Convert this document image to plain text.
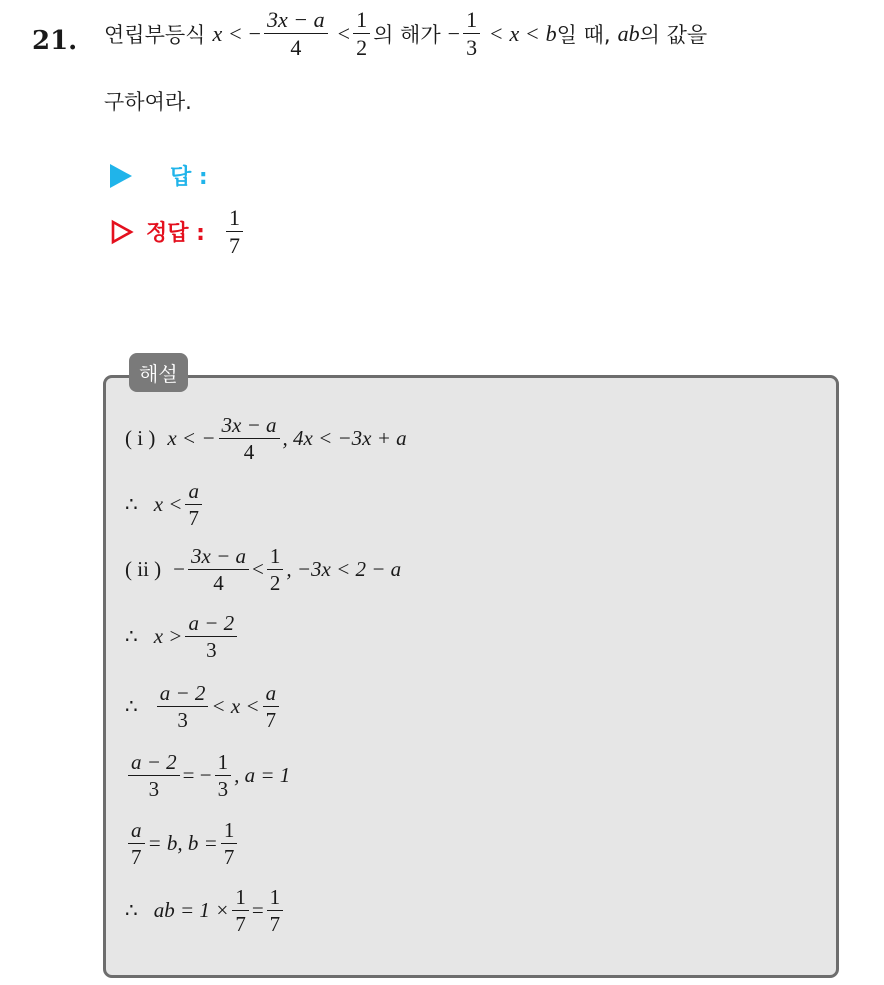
21. 연립부등식 x < − $\frac{3x - a}{4} < \frac{1}{2}$ 의 해가 − $\frac{1}{3} < x < b$ 일 때, ab 의 값을
구하여라.
답 :
정답 : $\frac{1}{7}$
해설
( i ) x < − $\frac{3x - a}{4}$ , 4x < −3x + a
∴ $x < \frac{a}{7}$
( ii ) − $\frac{3x - a}{4} < \frac{1}{2}$ , −3x < 2 − a
∴ $x > \frac{a - 2}{3}$
∴ $\frac{a - 2}{3} < x < \frac{a}{7}$
$\frac{a - 2}{3}$ = − $\frac{1}{3}$ , a = 1
$\frac{a}{7} = b$, $b = \frac{1}{7}$
∴ ab = $1 \times \frac{1}{7} = \frac{1}{7}$
